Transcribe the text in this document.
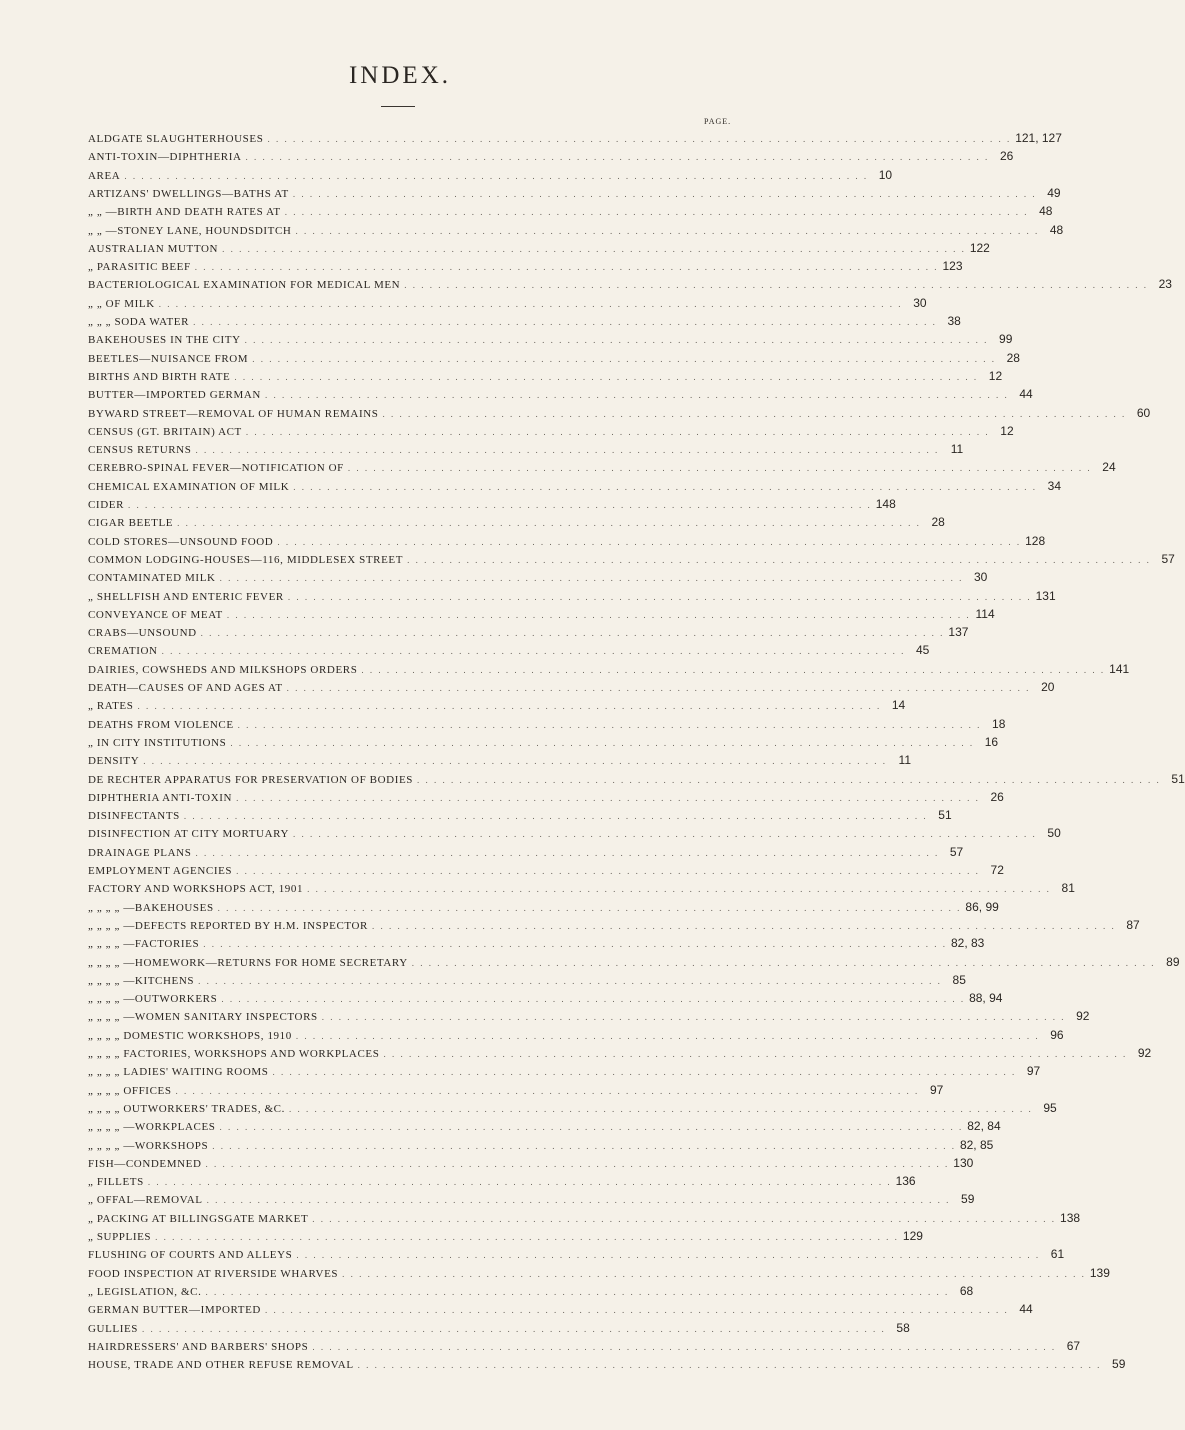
INDEX.
PAGE.
ALDGATE SLAUGHTERHOUSES . . . . . . . . . . . . . . . . . . . . . . . . . . . . . . . . . . . . . . . . . . . . . . . . . . . . . . . . . . . . . . . . . . . . . . . . . . . . . . . . . . . . . . . . 121, 127
ANTI-TOXIN—DIPHTHERIA . . . . . . . . . . . . . . . . . . . . . . . . . . . . . . . . . . . . . . . . . . . . . . . . . . . . . . . . . . . . . . . . . . . . . . . . . . . . . . . . . . . . . . . . 26
AREA . . . . . . . . . . . . . . . . . . . . . . . . . . . . . . . . . . . . . . . . . . . . . . . . . . . . . . . . . . . . . . . . . . . . . . . . . . . . . . . . . . . . . . . . 10
ARTIZANS' DWELLINGS—BATHS AT . . . . . . . . . . . . . . . . . . . . . . . . . . . . . . . . . . . . . . . . . . . . . . . . . . . . . . . . . . . . . . . . . . . . . . . . . . . . . . . . . . . . . . . . 49
„ „ —BIRTH AND DEATH RATES AT . . . . . . . . . . . . . . . . . . . . . . . . . . . . . . . . . . . . . . . . . . . . . . . . . . . . . . . . . . . . . . . . . . . . . . . . . . . . . . . . . . . . . . . . 48
„ „ —STONEY LANE, HOUNDSDITCH . . . . . . . . . . . . . . . . . . . . . . . . . . . . . . . . . . . . . . . . . . . . . . . . . . . . . . . . . . . . . . . . . . . . . . . . . . . . . . . . . . . . . . . . 48
AUSTRALIAN MUTTON . . . . . . . . . . . . . . . . . . . . . . . . . . . . . . . . . . . . . . . . . . . . . . . . . . . . . . . . . . . . . . . . . . . . . . . . . . . . . . . . . . . . . . . . 122
„ PARASITIC BEEF . . . . . . . . . . . . . . . . . . . . . . . . . . . . . . . . . . . . . . . . . . . . . . . . . . . . . . . . . . . . . . . . . . . . . . . . . . . . . . . . . . . . . . . . 123
BACTERIOLOGICAL EXAMINATION FOR MEDICAL MEN . . . . . . . . . . . . . . . . . . . . . . . . . . . . . . . . . . . . . . . . . . . . . . . . . . . . . . . . . . . . . . . . . . . . . . . . . . . . . . . . . . . . . . . . 23
„ „ OF MILK . . . . . . . . . . . . . . . . . . . . . . . . . . . . . . . . . . . . . . . . . . . . . . . . . . . . . . . . . . . . . . . . . . . . . . . . . . . . . . . . . . . . . . . . 30
„ „ „ SODA WATER . . . . . . . . . . . . . . . . . . . . . . . . . . . . . . . . . . . . . . . . . . . . . . . . . . . . . . . . . . . . . . . . . . . . . . . . . . . . . . . . . . . . . . . . 38
BAKEHOUSES IN THE CITY . . . . . . . . . . . . . . . . . . . . . . . . . . . . . . . . . . . . . . . . . . . . . . . . . . . . . . . . . . . . . . . . . . . . . . . . . . . . . . . . . . . . . . . . 99
BEETLES—NUISANCE FROM . . . . . . . . . . . . . . . . . . . . . . . . . . . . . . . . . . . . . . . . . . . . . . . . . . . . . . . . . . . . . . . . . . . . . . . . . . . . . . . . . . . . . . . . 28
BIRTHS AND BIRTH RATE . . . . . . . . . . . . . . . . . . . . . . . . . . . . . . . . . . . . . . . . . . . . . . . . . . . . . . . . . . . . . . . . . . . . . . . . . . . . . . . . . . . . . . . . 12
BUTTER—IMPORTED GERMAN . . . . . . . . . . . . . . . . . . . . . . . . . . . . . . . . . . . . . . . . . . . . . . . . . . . . . . . . . . . . . . . . . . . . . . . . . . . . . . . . . . . . . . . . 44
BYWARD STREET—REMOVAL OF HUMAN REMAINS . . . . . . . . . . . . . . . . . . . . . . . . . . . . . . . . . . . . . . . . . . . . . . . . . . . . . . . . . . . . . . . . . . . . . . . . . . . . . . . . . . . . . . . . 60
CENSUS (GT. BRITAIN) ACT . . . . . . . . . . . . . . . . . . . . . . . . . . . . . . . . . . . . . . . . . . . . . . . . . . . . . . . . . . . . . . . . . . . . . . . . . . . . . . . . . . . . . . . . 12
CENSUS RETURNS . . . . . . . . . . . . . . . . . . . . . . . . . . . . . . . . . . . . . . . . . . . . . . . . . . . . . . . . . . . . . . . . . . . . . . . . . . . . . . . . . . . . . . . . 11
CEREBRO-SPINAL FEVER—NOTIFICATION OF . . . . . . . . . . . . . . . . . . . . . . . . . . . . . . . . . . . . . . . . . . . . . . . . . . . . . . . . . . . . . . . . . . . . . . . . . . . . . . . . . . . . . . . . 24
CHEMICAL EXAMINATION OF MILK . . . . . . . . . . . . . . . . . . . . . . . . . . . . . . . . . . . . . . . . . . . . . . . . . . . . . . . . . . . . . . . . . . . . . . . . . . . . . . . . . . . . . . . . 34
CIDER . . . . . . . . . . . . . . . . . . . . . . . . . . . . . . . . . . . . . . . . . . . . . . . . . . . . . . . . . . . . . . . . . . . . . . . . . . . . . . . . . . . . . . . . 148
CIGAR BEETLE . . . . . . . . . . . . . . . . . . . . . . . . . . . . . . . . . . . . . . . . . . . . . . . . . . . . . . . . . . . . . . . . . . . . . . . . . . . . . . . . . . . . . . . . 28
COLD STORES—UNSOUND FOOD . . . . . . . . . . . . . . . . . . . . . . . . . . . . . . . . . . . . . . . . . . . . . . . . . . . . . . . . . . . . . . . . . . . . . . . . . . . . . . . . . . . . . . . . 128
COMMON LODGING-HOUSES—116, MIDDLESEX STREET . . . . . . . . . . . . . . . . . . . . . . . . . . . . . . . . . . . . . . . . . . . . . . . . . . . . . . . . . . . . . . . . . . . . . . . . . . . . . . . . . . . . . . . . 57
CONTAMINATED MILK . . . . . . . . . . . . . . . . . . . . . . . . . . . . . . . . . . . . . . . . . . . . . . . . . . . . . . . . . . . . . . . . . . . . . . . . . . . . . . . . . . . . . . . . 30
„ SHELLFISH AND ENTERIC FEVER . . . . . . . . . . . . . . . . . . . . . . . . . . . . . . . . . . . . . . . . . . . . . . . . . . . . . . . . . . . . . . . . . . . . . . . . . . . . . . . . . . . . . . . . 131
CONVEYANCE OF MEAT . . . . . . . . . . . . . . . . . . . . . . . . . . . . . . . . . . . . . . . . . . . . . . . . . . . . . . . . . . . . . . . . . . . . . . . . . . . . . . . . . . . . . . . . 114
CRABS—UNSOUND . . . . . . . . . . . . . . . . . . . . . . . . . . . . . . . . . . . . . . . . . . . . . . . . . . . . . . . . . . . . . . . . . . . . . . . . . . . . . . . . . . . . . . . . 137
CREMATION . . . . . . . . . . . . . . . . . . . . . . . . . . . . . . . . . . . . . . . . . . . . . . . . . . . . . . . . . . . . . . . . . . . . . . . . . . . . . . . . . . . . . . . . 45
DAIRIES, COWSHEDS AND MILKSHOPS ORDERS . . . . . . . . . . . . . . . . . . . . . . . . . . . . . . . . . . . . . . . . . . . . . . . . . . . . . . . . . . . . . . . . . . . . . . . . . . . . . . . . . . . . . . . . 141
DEATH—CAUSES OF AND AGES AT . . . . . . . . . . . . . . . . . . . . . . . . . . . . . . . . . . . . . . . . . . . . . . . . . . . . . . . . . . . . . . . . . . . . . . . . . . . . . . . . . . . . . . . . 20
„ RATES . . . . . . . . . . . . . . . . . . . . . . . . . . . . . . . . . . . . . . . . . . . . . . . . . . . . . . . . . . . . . . . . . . . . . . . . . . . . . . . . . . . . . . . . 14
DEATHS FROM VIOLENCE . . . . . . . . . . . . . . . . . . . . . . . . . . . . . . . . . . . . . . . . . . . . . . . . . . . . . . . . . . . . . . . . . . . . . . . . . . . . . . . . . . . . . . . . 18
„ IN CITY INSTITUTIONS . . . . . . . . . . . . . . . . . . . . . . . . . . . . . . . . . . . . . . . . . . . . . . . . . . . . . . . . . . . . . . . . . . . . . . . . . . . . . . . . . . . . . . . . 16
DENSITY . . . . . . . . . . . . . . . . . . . . . . . . . . . . . . . . . . . . . . . . . . . . . . . . . . . . . . . . . . . . . . . . . . . . . . . . . . . . . . . . . . . . . . . . 11
DE RECHTER APPARATUS FOR PRESERVATION OF BODIES . . . . . . . . . . . . . . . . . . . . . . . . . . . . . . . . . . . . . . . . . . . . . . . . . . . . . . . . . . . . . . . . . . . . . . . . . . . . . . . . . . . . . . . . 51
DIPHTHERIA ANTI-TOXIN . . . . . . . . . . . . . . . . . . . . . . . . . . . . . . . . . . . . . . . . . . . . . . . . . . . . . . . . . . . . . . . . . . . . . . . . . . . . . . . . . . . . . . . . 26
DISINFECTANTS . . . . . . . . . . . . . . . . . . . . . . . . . . . . . . . . . . . . . . . . . . . . . . . . . . . . . . . . . . . . . . . . . . . . . . . . . . . . . . . . . . . . . . . . 51
DISINFECTION AT CITY MORTUARY . . . . . . . . . . . . . . . . . . . . . . . . . . . . . . . . . . . . . . . . . . . . . . . . . . . . . . . . . . . . . . . . . . . . . . . . . . . . . . . . . . . . . . . . 50
DRAINAGE PLANS . . . . . . . . . . . . . . . . . . . . . . . . . . . . . . . . . . . . . . . . . . . . . . . . . . . . . . . . . . . . . . . . . . . . . . . . . . . . . . . . . . . . . . . . 57
EMPLOYMENT AGENCIES . . . . . . . . . . . . . . . . . . . . . . . . . . . . . . . . . . . . . . . . . . . . . . . . . . . . . . . . . . . . . . . . . . . . . . . . . . . . . . . . . . . . . . . . 72
FACTORY AND WORKSHOPS ACT, 1901 . . . . . . . . . . . . . . . . . . . . . . . . . . . . . . . . . . . . . . . . . . . . . . . . . . . . . . . . . . . . . . . . . . . . . . . . . . . . . . . . . . . . . . . . 81
„ „ „ „ —BAKEHOUSES . . . . . . . . . . . . . . . . . . . . . . . . . . . . . . . . . . . . . . . . . . . . . . . . . . . . . . . . . . . . . . . . . . . . . . . . . . . . . . . . . . . . . . . . 86, 99
„ „ „ „ —DEFECTS REPORTED BY H.M. INSPECTOR . . . . . . . . . . . . . . . . . . . . . . . . . . . . . . . . . . . . . . . . . . . . . . . . . . . . . . . . . . . . . . . . . . . . . . . . . . . . . . . . . . . . . . . . 87
„ „ „ „ —FACTORIES . . . . . . . . . . . . . . . . . . . . . . . . . . . . . . . . . . . . . . . . . . . . . . . . . . . . . . . . . . . . . . . . . . . . . . . . . . . . . . . . . . . . . . . . 82, 83
„ „ „ „ —HOMEWORK—RETURNS FOR HOME SECRETARY . . . . . . . . . . . . . . . . . . . . . . . . . . . . . . . . . . . . . . . . . . . . . . . . . . . . . . . . . . . . . . . . . . . . . . . . . . . . . . . . . . . . . . . . 89
„ „ „ „ —KITCHENS . . . . . . . . . . . . . . . . . . . . . . . . . . . . . . . . . . . . . . . . . . . . . . . . . . . . . . . . . . . . . . . . . . . . . . . . . . . . . . . . . . . . . . . . 85
„ „ „ „ —OUTWORKERS . . . . . . . . . . . . . . . . . . . . . . . . . . . . . . . . . . . . . . . . . . . . . . . . . . . . . . . . . . . . . . . . . . . . . . . . . . . . . . . . . . . . . . . . 88, 94
„ „ „ „ —WOMEN SANITARY INSPECTORS . . . . . . . . . . . . . . . . . . . . . . . . . . . . . . . . . . . . . . . . . . . . . . . . . . . . . . . . . . . . . . . . . . . . . . . . . . . . . . . . . . . . . . . . 92
„ „ „ „ DOMESTIC WORKSHOPS, 1910 . . . . . . . . . . . . . . . . . . . . . . . . . . . . . . . . . . . . . . . . . . . . . . . . . . . . . . . . . . . . . . . . . . . . . . . . . . . . . . . . . . . . . . . . 96
„ „ „ „ FACTORIES, WORKSHOPS AND WORKPLACES . . . . . . . . . . . . . . . . . . . . . . . . . . . . . . . . . . . . . . . . . . . . . . . . . . . . . . . . . . . . . . . . . . . . . . . . . . . . . . . . . . . . . . . . 92
„ „ „ „ LADIES' WAITING ROOMS . . . . . . . . . . . . . . . . . . . . . . . . . . . . . . . . . . . . . . . . . . . . . . . . . . . . . . . . . . . . . . . . . . . . . . . . . . . . . . . . . . . . . . . . 97
„ „ „ „ OFFICES . . . . . . . . . . . . . . . . . . . . . . . . . . . . . . . . . . . . . . . . . . . . . . . . . . . . . . . . . . . . . . . . . . . . . . . . . . . . . . . . . . . . . . . . 97
„ „ „ „ OUTWORKERS' TRADES, &C. . . . . . . . . . . . . . . . . . . . . . . . . . . . . . . . . . . . . . . . . . . . . . . . . . . . . . . . . . . . . . . . . . . . . . . . . . . . . . . . . . . . . . . . . 95
„ „ „ „ —WORKPLACES . . . . . . . . . . . . . . . . . . . . . . . . . . . . . . . . . . . . . . . . . . . . . . . . . . . . . . . . . . . . . . . . . . . . . . . . . . . . . . . . . . . . . . . . 82, 84
„ „ „ „ —WORKSHOPS . . . . . . . . . . . . . . . . . . . . . . . . . . . . . . . . . . . . . . . . . . . . . . . . . . . . . . . . . . . . . . . . . . . . . . . . . . . . . . . . . . . . . . . . 82, 85
FISH—CONDEMNED . . . . . . . . . . . . . . . . . . . . . . . . . . . . . . . . . . . . . . . . . . . . . . . . . . . . . . . . . . . . . . . . . . . . . . . . . . . . . . . . . . . . . . . . 130
„ FILLETS . . . . . . . . . . . . . . . . . . . . . . . . . . . . . . . . . . . . . . . . . . . . . . . . . . . . . . . . . . . . . . . . . . . . . . . . . . . . . . . . . . . . . . . . 136
„ OFFAL—REMOVAL . . . . . . . . . . . . . . . . . . . . . . . . . . . . . . . . . . . . . . . . . . . . . . . . . . . . . . . . . . . . . . . . . . . . . . . . . . . . . . . . . . . . . . . . 59
„ PACKING AT BILLINGSGATE MARKET . . . . . . . . . . . . . . . . . . . . . . . . . . . . . . . . . . . . . . . . . . . . . . . . . . . . . . . . . . . . . . . . . . . . . . . . . . . . . . . . . . . . . . . . 138
„ SUPPLIES . . . . . . . . . . . . . . . . . . . . . . . . . . . . . . . . . . . . . . . . . . . . . . . . . . . . . . . . . . . . . . . . . . . . . . . . . . . . . . . . . . . . . . . . 129
FLUSHING OF COURTS AND ALLEYS . . . . . . . . . . . . . . . . . . . . . . . . . . . . . . . . . . . . . . . . . . . . . . . . . . . . . . . . . . . . . . . . . . . . . . . . . . . . . . . . . . . . . . . . 61
FOOD INSPECTION AT RIVERSIDE WHARVES . . . . . . . . . . . . . . . . . . . . . . . . . . . . . . . . . . . . . . . . . . . . . . . . . . . . . . . . . . . . . . . . . . . . . . . . . . . . . . . . . . . . . . . . 139
„ LEGISLATION, &C. . . . . . . . . . . . . . . . . . . . . . . . . . . . . . . . . . . . . . . . . . . . . . . . . . . . . . . . . . . . . . . . . . . . . . . . . . . . . . . . . . . . . . . . . 68
GERMAN BUTTER—IMPORTED . . . . . . . . . . . . . . . . . . . . . . . . . . . . . . . . . . . . . . . . . . . . . . . . . . . . . . . . . . . . . . . . . . . . . . . . . . . . . . . . . . . . . . . . 44
GULLIES . . . . . . . . . . . . . . . . . . . . . . . . . . . . . . . . . . . . . . . . . . . . . . . . . . . . . . . . . . . . . . . . . . . . . . . . . . . . . . . . . . . . . . . . 58
HAIRDRESSERS' AND BARBERS' SHOPS . . . . . . . . . . . . . . . . . . . . . . . . . . . . . . . . . . . . . . . . . . . . . . . . . . . . . . . . . . . . . . . . . . . . . . . . . . . . . . . . . . . . . . . . 67
HOUSE, TRADE AND OTHER REFUSE REMOVAL . . . . . . . . . . . . . . . . . . . . . . . . . . . . . . . . . . . . . . . . . . . . . . . . . . . . . . . . . . . . . . . . . . . . . . . . . . . . . . . . . . . . . . . . 59
